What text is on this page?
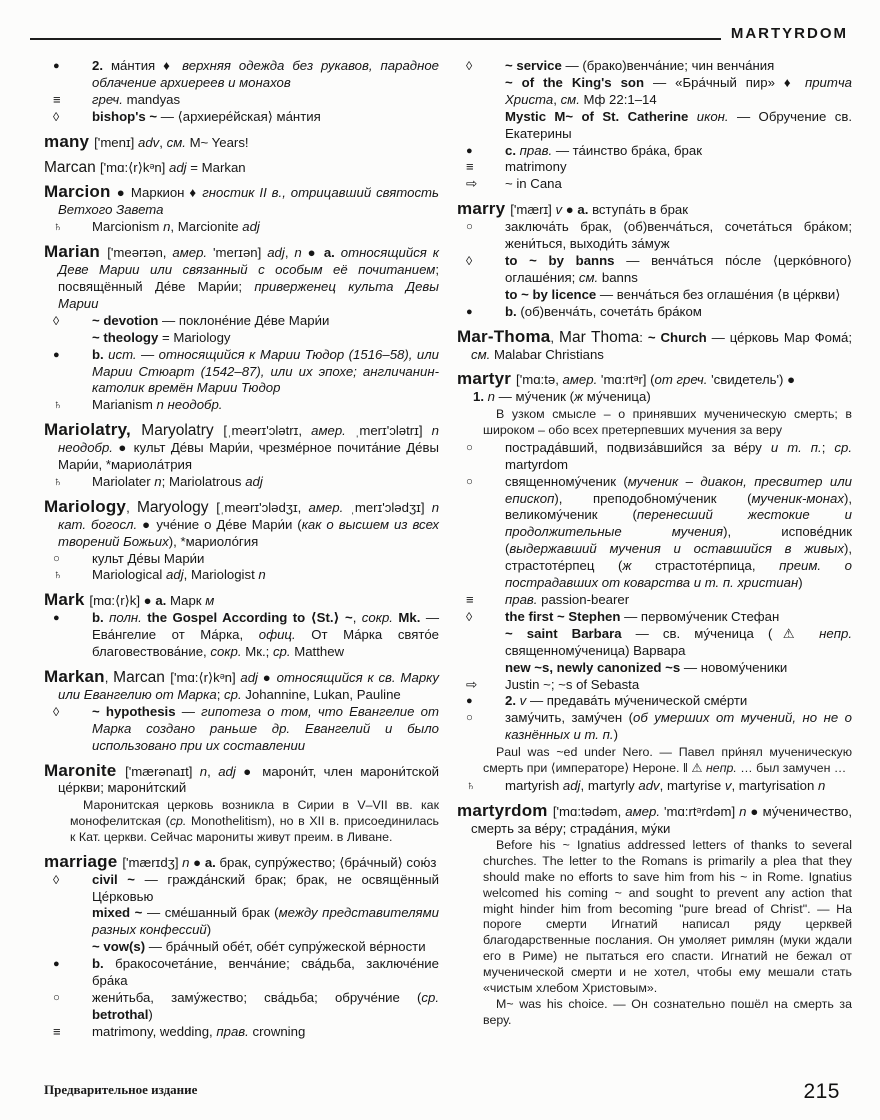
MARTYRDOM
●	2. ма́нтия ♦ верхняя одежда без рукавов, парадное облачение архиереев и монахов
≡	греч. mandyas
◊	bishop's ~ — ⟨архиере́йская⟩ ма́нтия
many ['menɪ] adv, см. M~ Years!
Marcan ['mɑ:⟨r⟩kᵊn] adj = Markan
Marcion ● Маркион ♦ гностик II в., отрицавший святость Ветхого Завета
♄	Marcionism n, Marcionite adj
Marian ['meərɪən, амер. 'merɪən] adj, n ● a. относящийся к Деве Марии или связанный с особым её почитанием; посвящённый Де́ве Мари́и; приверженец культа Девы Марии
◊	~ devotion — поклоне́ние Де́ве Мари́и
~ theology = Mariology
●	b. ист. — относящийся к Марии Тюдор (1516–58), или Марии Стюарт (1542–87), или их эпохе; англичанин-католик времён Марии Тюдор
♄	Marianism n неодобр.
Mariolatry, Maryolatry [ˌmeərɪ'ɔlətrɪ, амер. ˌmerɪ'ɔlətrɪ] n неодобр. ● культ Де́вы Мари́и, чрезме́рное почита́ние Де́вы Мари́и, *мариола́трия
♄	Mariolater n; Mariolatrous adj
Mariology, Maryology [ˌmeərɪ'ɔlədʒɪ, амер. ˌmerɪ'ɔlədʒɪ] n кат. богосл. ● уче́ние о Де́ве Мари́и (как о высшем из всех творений Божьих), *мариоло́гия
○	культ Де́вы Мари́и
♄	Mariological adj, Mariologist n
Mark [mɑ:⟨r⟩k] ● a. Марк м
●	b. полн. the Gospel According to ⟨St.⟩ ~, сокр. Mk. — Ева́нгелие от Ма́рка, офиц. От Ма́рка свято́е благовествова́ние, сокр. Мк.; ср. Matthew
Markan, Marcan ['mɑ:⟨r⟩kᵊn] adj ● относящийся к св. Марку или Евангелию от Марка; ср. Johannine, Lukan, Pauline
◊	~ hypothesis — гипотеза о том, что Евангелие от Марка создано раньше др. Евангелий и было использовано при их составлении
Maronite ['mærənaɪt] n, adj ● марони́т, член марони́тской це́ркви; марони́тский
Маронитская церковь возникла в Сирии в V–VII вв. как монофелитская (ср. Monothelitism), но в XII в. присоединилась к Кат. церкви. Сейчас марониты живут преим. в Ливане.
marriage ['mærɪdʒ] n ● a. брак, супру́жество; ⟨бра́чный⟩ сою́з
◊	civil ~ — гражда́нский брак; брак, не освящённый Це́рковью
mixed ~ — сме́шанный брак (между представителями разных конфессий)
~ vow(s) — бра́чный обе́т, обе́т супру́жеской ве́рности
●	b. бракосочета́ние, венча́ние; сва́дьба, заключе́ние бра́ка
○	жени́тьба, заму́жество; сва́дьба; обруче́ние (ср. betrothal)
≡	matrimony, wedding, прав. crowning
◊	~ service — (брако)венча́ние; чин венча́ния
~ of the King's son — «Бра́чный пир» ♦ притча Христа, см. Мф 22:1–14
Mystic M~ of St. Catherine икон. — Обручение св. Екатерины
●	c. прав. — та́инство бра́ка, брак
≡	matrimony
⇨	~ in Cana
marry ['mærɪ] v ● a. вступа́ть в брак
○	заключа́ть брак, (об)венча́ться, сочета́ться бра́ком; жени́ться, выходи́ть за́муж
◊	to ~ by banns — венча́ться по́сле ⟨церко́вного⟩ оглаше́ния; см. banns
to ~ by licence — венча́ться без оглаше́ния ⟨в це́ркви⟩
●	b. (об)венча́ть, сочета́ть бра́ком
Mar-Thoma, Mar Thoma: ~ Church — це́рковь Мар Фома́; см. Malabar Christians
martyr ['mɑ:tə, амер. 'mɑ:rtᵊr] (от греч. 'свидетель') ●
1. n — му́ченик (ж му́ченица)
В узком смысле – о принявших мученическую смерть; в широком – обо всех претерпевших мучения за веру
○	пострада́вший, подвиза́вшийся за ве́ру и т. п.; ср. martyrdom
○	священному́ченик (мученик – диакон, пресвитер или епископ), преподобному́ченик (мученик-монах), великому́ченик (перенесший жестокие и продолжительные мучения), испове́дник (выдержавший мучения и оставшийся в живых), страстоте́рпец (ж страстоте́рпица, преим. о пострадавших от коварства и т. п. христиан)
≡	прав. passion-bearer
◊	the first ~ Stephen — первому́ченик Стефан
~ saint Barbara — св. му́ченица (⚠ непр. священному́ченица) Варвара
new ~s, newly canonized ~s — новому́ченики
⇨	Justin ~; ~s of Sebasta
●	2. v — предава́ть му́ченической сме́рти
○	заму́чить, заму́чен (об умерших от мучений, но не о казнённых и т. п.)
Paul was ~ed under Nero. — Павел при́нял мученическую смерть при ⟨императоре⟩ Нероне. ‖ ⚠ непр. … был замучен …
♄	martyrish adj, martyrly adv, martyrise v, martyrisation n
martyrdom ['mɑ:tədəm, амер. 'mɑ:rtᵊrdəm] n ● му́ченичество, смерть за ве́ру; страда́ния, му́ки
Before his ~ Ignatius addressed letters of thanks to several churches. The letter to the Romans is primarily a plea that they should make no efforts to save him from his ~ in Rome. Ignatius welcomed his coming ~ and sought to prevent any action that might hinder him from becoming "pure bread of Christ". — На пороге смерти Игнатий написал ряду церквей благодарственные послания. Он умоляет римлян (муки ждали его в Риме) не пытаться его спасти. Игнатий не бежал от мученической смерти и не хотел, чтобы ему мешали стать «чистым хлебом Христовым».
M~ was his choice. — Он сознательно пошёл на смерть за веру.
Предварительное издание	215
